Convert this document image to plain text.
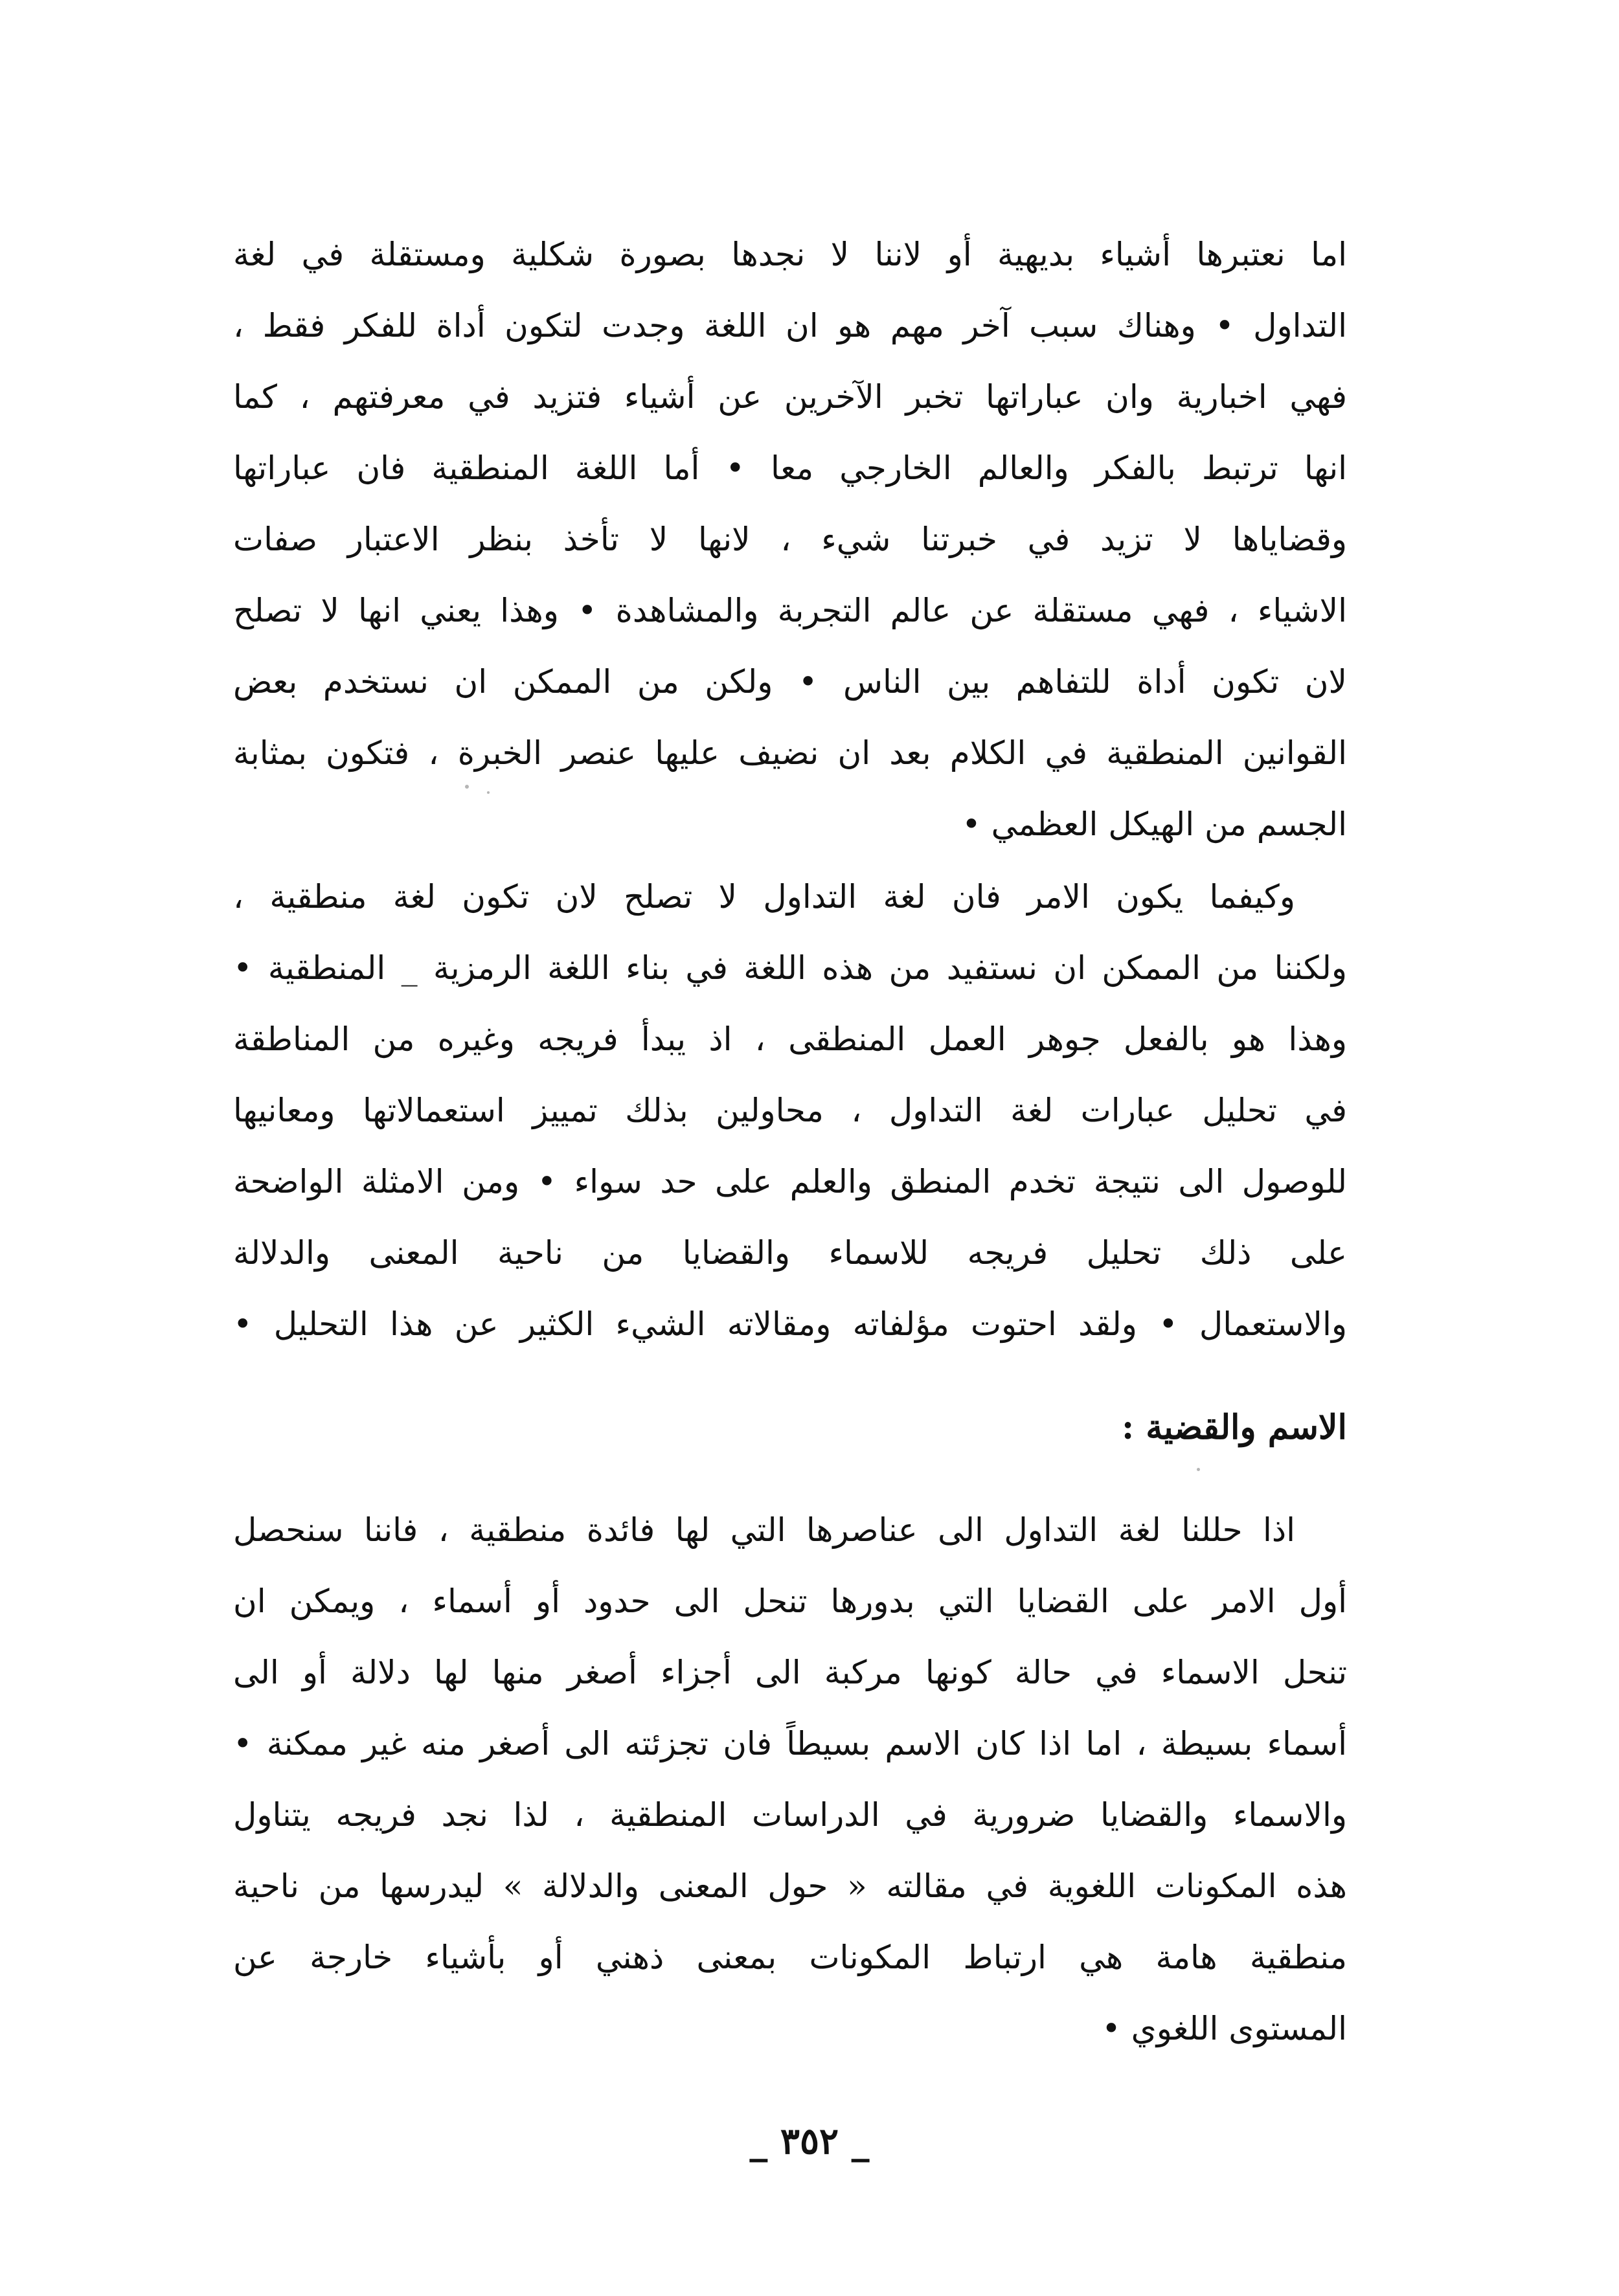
اما نعتبرها أشياء بديهية أو لاننا لا نجدها بصورة شكلية ومستقلة في لغة
التداول • وهناك سبب آخر مهم هو ان اللغة وجدت لتكون أداة للفكر فقط ،
فهي اخبارية وان عباراتها تخبر الآخرين عن أشياء فتزيد في معرفتهم ، كما
انها ترتبط بالفكر والعالم الخارجي معا • أما اللغة المنطقية فان عباراتها
وقضاياها لا تزيد في خبرتنا شيء ، لانها لا تأخذ بنظر الاعتبار صفات
الاشياء ، فهي مستقلة عن عالم التجربة والمشاهدة • وهذا يعني انها لا تصلح
لان تكون أداة للتفاهم بين الناس • ولكن من الممكن ان نستخدم بعض
القوانين المنطقية في الكلام بعد ان نضيف عليها عنصر الخبرة ، فتكون بمثابة
الجسم من الهيكل العظمي •
وكيفما يكون الامر فان لغة التداول لا تصلح لان تكون لغة منطقية ،
ولكننا من الممكن ان نستفيد من هذه اللغة في بناء اللغة الرمزية _ المنطقية •
وهذا هو بالفعل جوهر العمل المنطقى ، اذ يبدأ فريجه وغيره من المناطقة
في تحليل عبارات لغة التداول ، محاولين بذلك تمييز استعمالاتها ومعانيها
للوصول الى نتيجة تخدم المنطق والعلم على حد سواء • ومن الامثلة الواضحة
على ذلك تحليل فريجه للاسماء والقضايا من ناحية المعنى والدلالة
والاستعمال • ولقد احتوت مؤلفاته ومقالاته الشيء الكثير عن هذا التحليل •
الاسم والقضية :
اذا حللنا لغة التداول الى عناصرها التي لها فائدة منطقية ، فاننا سنحصل
أول الامر على القضايا التي بدورها تنحل الى حدود أو أسماء ، ويمكن ان
تنحل الاسماء في حالة كونها مركبة الى أجزاء أصغر منها لها دلالة أو الى
أسماء بسيطة ، اما اذا كان الاسم بسيطاً فان تجزئته الى أصغر منه غير ممكنة •
والاسماء والقضايا ضرورية في الدراسات المنطقية ، لذا نجد فريجه يتناول
هذه المكونات اللغوية في مقالته « حول المعنى والدلالة » ليدرسها من ناحية
منطقية هامة هي ارتباط المكونات بمعنى ذهني أو بأشياء خارجة عن
المستوى اللغوي •
_ ٣٥٢ _
